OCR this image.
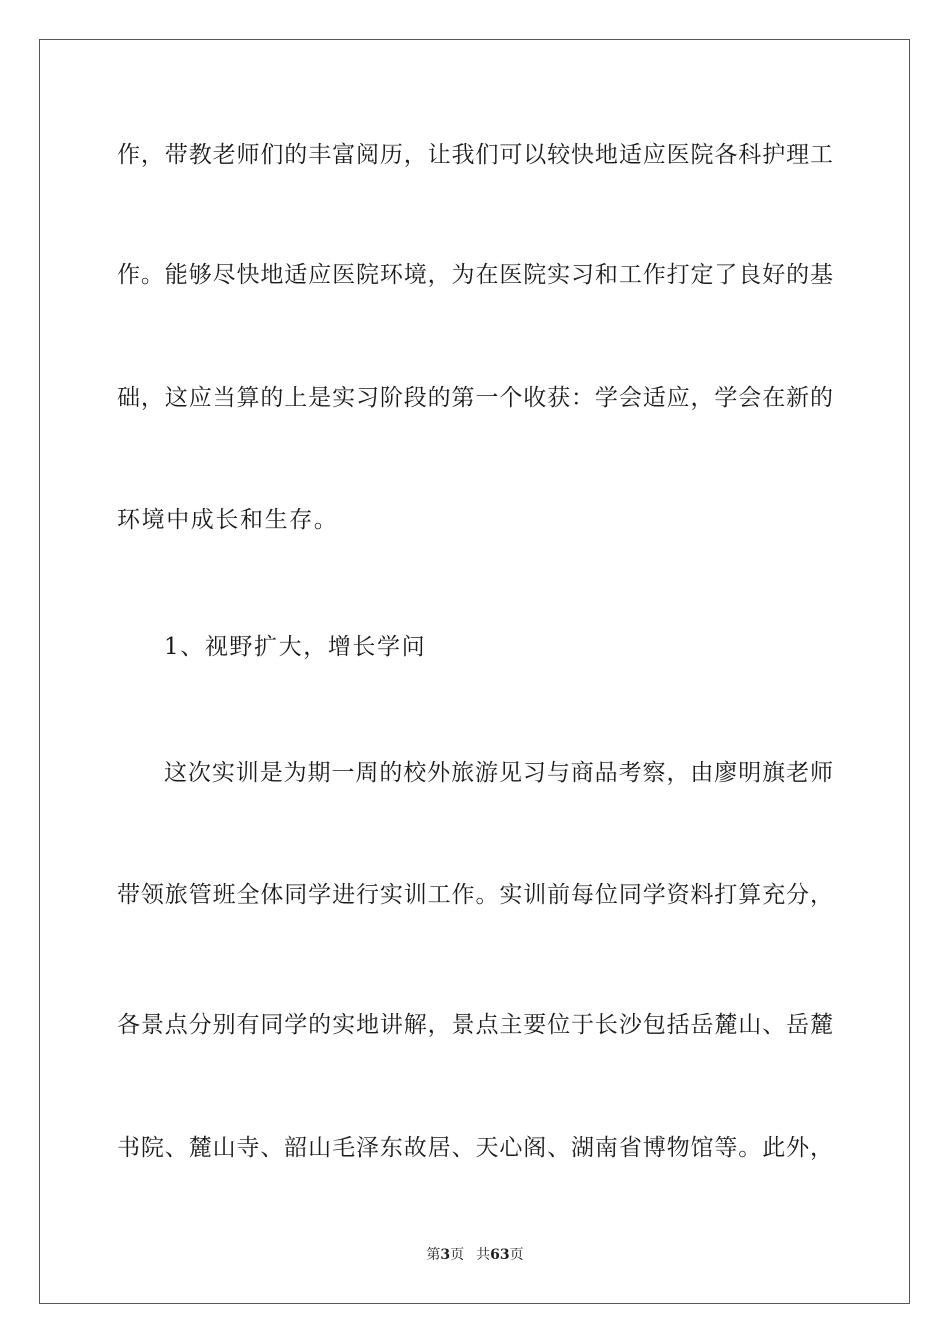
作，带教老师们的丰富阅历，让我们可以较快地适应医院各科护理工
作。能够尽快地适应医院环境，为在医院实习和工作打定了良好的基
础，这应当算的上是实习阶段的第一个收获：学会适应，学会在新的
环境中成长和生存。
1、视野扩大，增长学问
这次实训是为期一周的校外旅游见习与商品考察，由廖明旗老师
带领旅管班全体同学进行实训工作。实训前每位同学资料打算充分，
各景点分别有同学的实地讲解，景点主要位于长沙包括岳麓山、岳麓
书院、麓山寺、韶山毛泽东故居、天心阁、湖南省博物馆等。此外，
第3页 共63页
